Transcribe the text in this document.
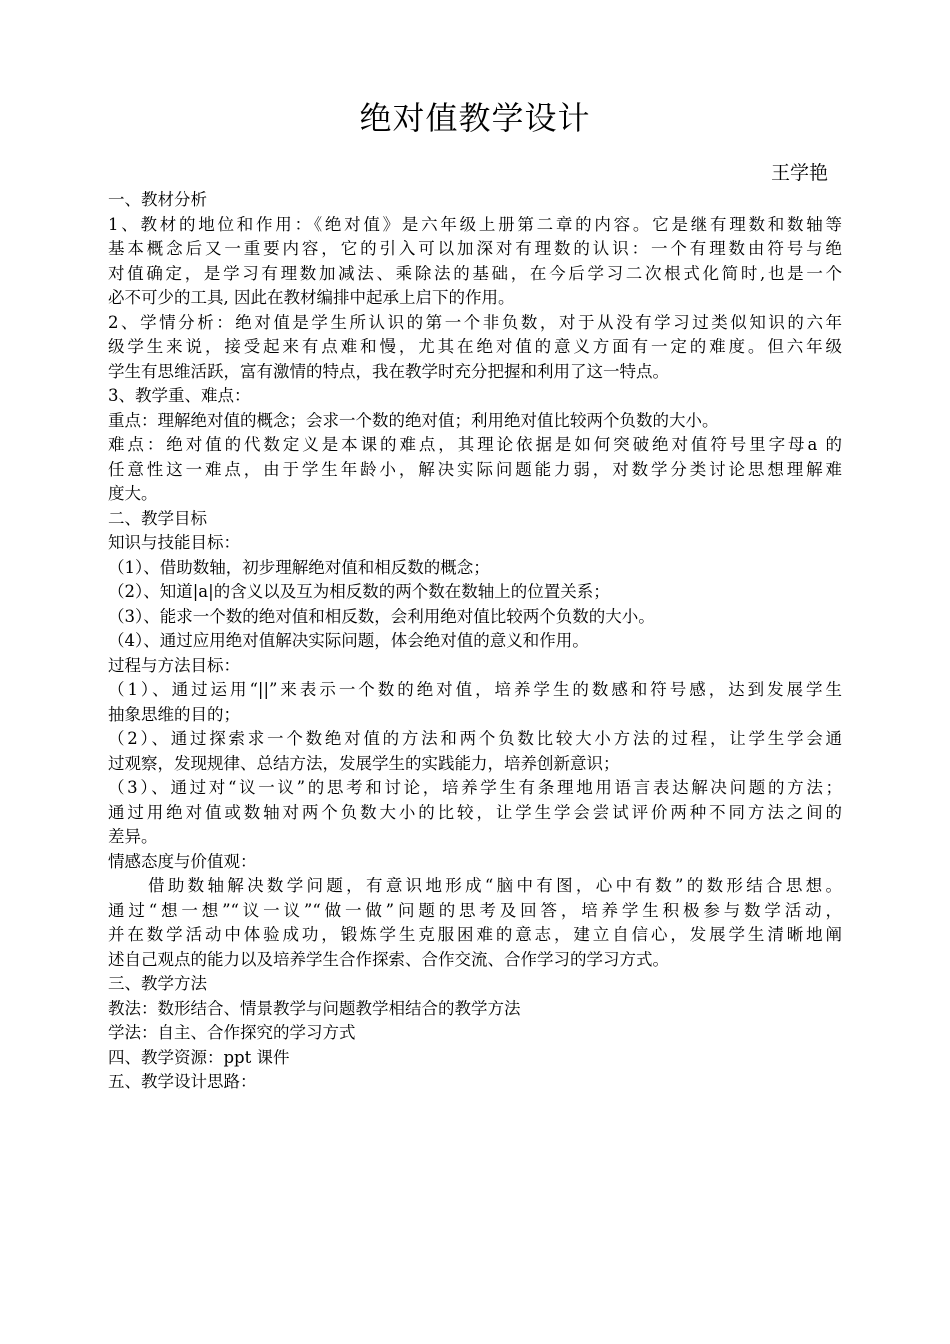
绝对值教学设计
王学艳
一、教材分析
1、教材的地位和作用：《绝对值》是六年级上册第二章的内容。它是继有理数和数轴等
基本概念后又一重要内容，它的引入可以加深对有理数的认识：一个有理数由符号与绝
对值确定，是学习有理数加减法、乘除法的基础，在今后学习二次根式化简时,也是一个
必不可少的工具, 因此在教材编排中起承上启下的作用。
2、学情分析：绝对值是学生所认识的第一个非负数，对于从没有学习过类似知识的六年
级学生来说，接受起来有点难和慢，尤其在绝对值的意义方面有一定的难度。但六年级
学生有思维活跃，富有激情的特点，我在教学时充分把握和利用了这一特点。
3、教学重、难点：
重点：理解绝对值的概念；会求一个数的绝对值；利用绝对值比较两个负数的大小。
难点：绝对值的代数定义是本课的难点，其理论依据是如何突破绝对值符号里字母a 的
任意性这一难点，由于学生年龄小，解决实际问题能力弱，对数学分类讨论思想理解难
度大。
二、教学目标
知识与技能目标：
（1）、借助数轴，初步理解绝对值和相反数的概念；
（2）、知道|a|的含义以及互为相反数的两个数在数轴上的位置关系；
（3）、能求一个数的绝对值和相反数，会利用绝对值比较两个负数的大小。
（4）、通过应用绝对值解决实际问题，体会绝对值的意义和作用。
过程与方法目标：
（1）、通过运用“||”来表示一个数的绝对值，培养学生的数感和符号感，达到发展学生
抽象思维的目的；
（2）、通过探索求一个数绝对值的方法和两个负数比较大小方法的过程，让学生学会通
过观察，发现规律、总结方法，发展学生的实践能力，培养创新意识；
（3）、通过对“议一议”的思考和讨论，培养学生有条理地用语言表达解决问题的方法；
通过用绝对值或数轴对两个负数大小的比较，让学生学会尝试评价两种不同方法之间的
差异。
情感态度与价值观：
借助数轴解决数学问题，有意识地形成“脑中有图，心中有数”的数形结合思想。
通过“想一想”“议一议”“做一做”问题的思考及回答，培养学生积极参与数学活动，
并在数学活动中体验成功，锻炼学生克服困难的意志，建立自信心，发展学生清晰地阐
述自己观点的能力以及培养学生合作探索、合作交流、合作学习的学习方式。
三、教学方法
教法：数形结合、情景教学与问题教学相结合的教学方法
学法：自主、合作探究的学习方式
四、教学资源：ppt 课件
五、教学设计思路：
